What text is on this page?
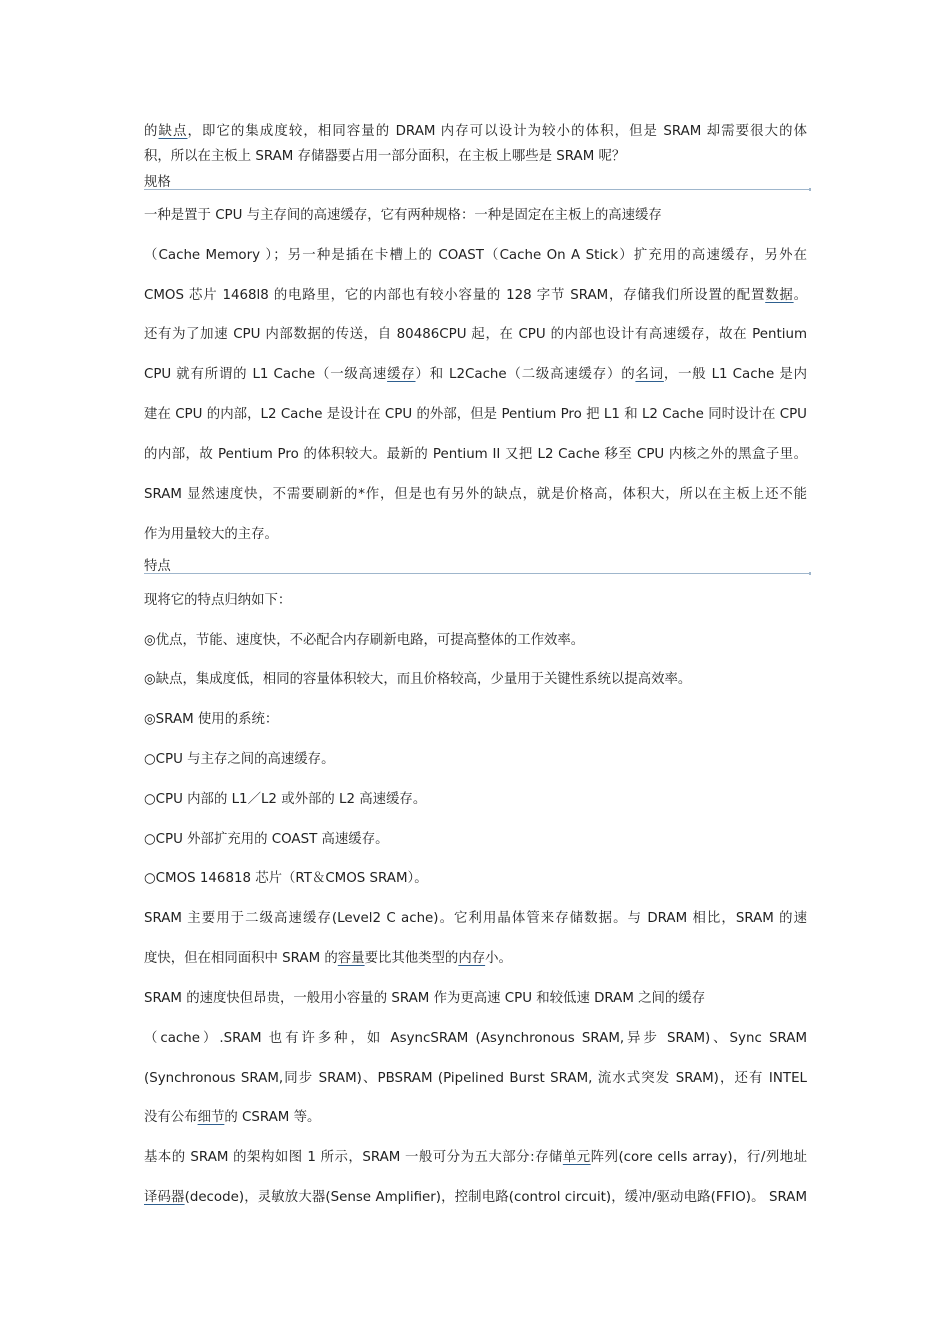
的缺点，即它的集成度较，相同容量的 DRAM 内存可以设计为较小的体积，但是 SRAM 却需要很大的体
积，所以在主板上 SRAM 存储器要占用一部分面积，在主板上哪些是 SRAM 呢？
规格
一种是置于 CPU 与主存间的高速缓存，它有两种规格：一种是固定在主板上的高速缓存
（Cache Memory ）；另一种是插在卡槽上的 COAST（Cache On A Stick）扩充用的高速缓存，另外在
CMOS 芯片 1468l8 的电路里，它的内部也有较小容量的 128 字节 SRAM，存储我们所设置的配置数据。
还有为了加速 CPU 内部数据的传送，自 80486CPU 起，在 CPU 的内部也设计有高速缓存，故在 Pentium
CPU 就有所谓的 L1 Cache（一级高速缓存）和 L2Cache（二级高速缓存）的名词，一般 L1 Cache 是内
建在 CPU 的内部，L2 Cache 是设计在 CPU 的外部，但是 Pentium Pro 把 L1 和 L2 Cache 同时设计在 CPU
的内部，故 Pentium Pro 的体积较大。最新的 Pentium II 又把 L2 Cache 移至 CPU 内核之外的黑盒子里。
SRAM 显然速度快，不需要刷新的*作，但是也有另外的缺点，就是价格高，体积大，所以在主板上还不能
作为用量较大的主存。
特点
现将它的特点归纳如下：
◎优点，节能、速度快，不必配合内存刷新电路，可提高整体的工作效率。
◎缺点，集成度低，相同的容量体积较大，而且价格较高，少量用于关键性系统以提高效率。
◎SRAM 使用的系统：
○CPU 与主存之间的高速缓存。
○CPU 内部的 L1／L2 或外部的 L2 高速缓存。
○CPU 外部扩充用的 COAST 高速缓存。
○CMOS 146818 芯片（RT＆CMOS SRAM）。
SRAM 主要用于二级高速缓存(Level2 C ache)。它利用晶体管来存储数据。与 DRAM 相比，SRAM 的速
度快，但在相同面积中 SRAM 的容量要比其他类型的内存小。
SRAM 的速度快但昂贵，一般用小容量的 SRAM 作为更高速 CPU 和较低速 DRAM 之间的缓存
（cache）.SRAM 也有许多种，如 AsyncSRAM (Asynchronous SRAM,异步 SRAM)、Sync SRAM
(Synchronous SRAM,同步 SRAM)、PBSRAM (Pipelined Burst SRAM, 流水式突发 SRAM)，还有 INTEL
没有公布细节的 CSRAM 等。
基本的 SRAM 的架构如图 1 所示，SRAM 一般可分为五大部分:存储单元阵列(core cells array)，行/列地址
译码器(decode)，灵敏放大器(Sense Amplifier)，控制电路(control circuit)，缓冲/驱动电路(FFIO)。 SRAM
